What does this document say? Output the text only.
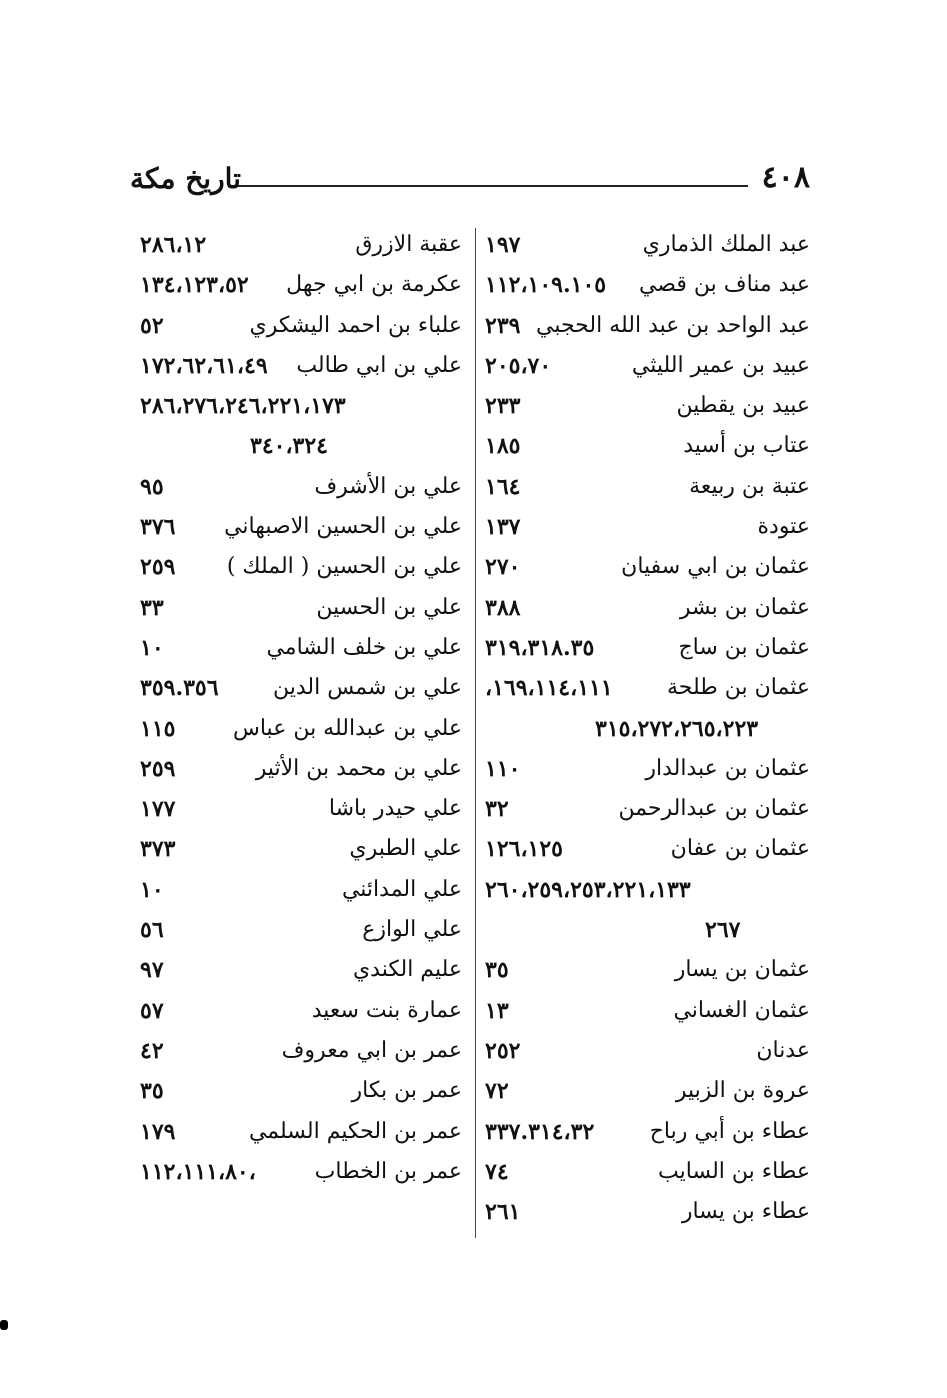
٤٠٨
تاريخ مكة
عبد الملك الذماري
١٩٧
عبد مناف بن قصي
١١٢،١٠٩.١٠٥
عبد الواحد بن عبد الله الحجبي
٢٣٩
عبيد بن عمير الليثي
٢٠٥،٧٠
عبيد بن يقطين
٢٣٣
عتاب بن أسيد
١٨٥
عتبة بن ربيعة
١٦٤
عتودة
١٣٧
عثمان بن ابي سفيان
٢٧٠
عثمان بن بشر
٣٨٨
عثمان بن ساج
٣١٩،٣١٨.٣٥
عثمان بن طلحة
١٦٩،١١٤،١١١،
٣١٥،٢٧٢،٢٦٥،٢٢٣
عثمان بن عبدالدار
١١٠
عثمان بن عبدالرحمن
٣٢
عثمان بن عفان
١٢٦،١٢٥
٢٦٠،٢٥٩،٢٥٣،٢٢١،١٣٣
٢٦٧
عثمان بن يسار
٣٥
عثمان الغساني
١٣
عدنان
٢٥٢
عروة بن الزبير
٧٢
عطاء بن أبي رباح
٣٣٧.٣١٤،٣٢
عطاء بن السايب
٧٤
عطاء بن يسار
٢٦١
عقبة الازرق
٢٨٦،١٢
عكرمة بن ابي جهل
١٣٤،١٢٣،٥٢
علباء بن احمد اليشكري
٥٢
علي بن ابي طالب
١٧٢،٦٢،٦١،٤٩
٢٨٦،٢٧٦،٢٤٦،٢٢١،١٧٣
٣٤٠،٣٢٤
علي بن الأشرف
٩٥
علي بن الحسين الاصبهاني
٣٧٦
علي بن الحسين ( الملك )
٢٥٩
علي بن الحسين
٣٣
علي بن خلف الشامي
١٠
علي بن شمس الدين
٣٥٩.٣٥٦
علي بن عبدالله بن عباس
١١٥
علي بن محمد بن الأثير
٢٥٩
علي حيدر باشا
١٧٧
علي الطبري
٣٧٣
علي المدائني
١٠
علي الوازع
٥٦
عليم الكندي
٩٧
عمارة بنت سعيد
٥٧
عمر بن ابي معروف
٤٢
عمر بن بكار
٣٥
عمر بن الحكيم السلمي
١٧٩
عمر بن الخطاب
،١١٢،١١١،٨٠
